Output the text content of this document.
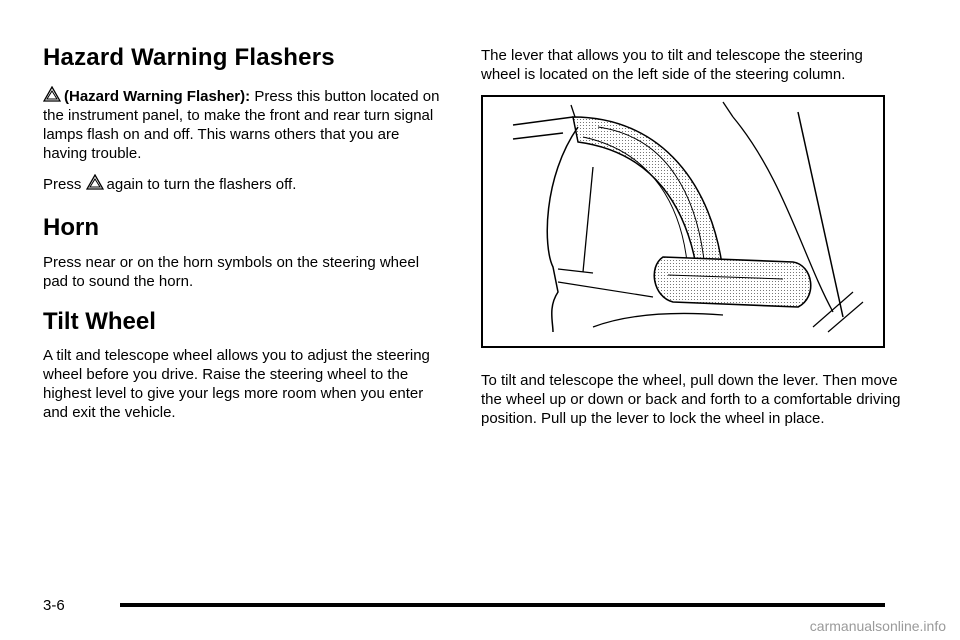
Hazard Warning Flashers
(Hazard Warning Flasher): Press this button located on the instrument panel, to make the front and rear turn signal lamps flash on and off. This warns others that you are having trouble.
Press again to turn the flashers off.
Horn

Press near or on the horn symbols on the steering wheel pad to sound the horn.

Tilt Wheel

A tilt and telescope wheel allows you to adjust the steering wheel before you drive. Raise the steering wheel to the highest level to give your legs more room when you enter and exit the vehicle.

The lever that allows you to tilt and telescope the steering wheel is located on the left side of the steering column.

To tilt and telescope the wheel, pull down the lever. Then move the wheel up or down or back and forth to a comfortable driving position. Pull up the lever to lock the wheel in place.

3-6
carmanualsonline.info
